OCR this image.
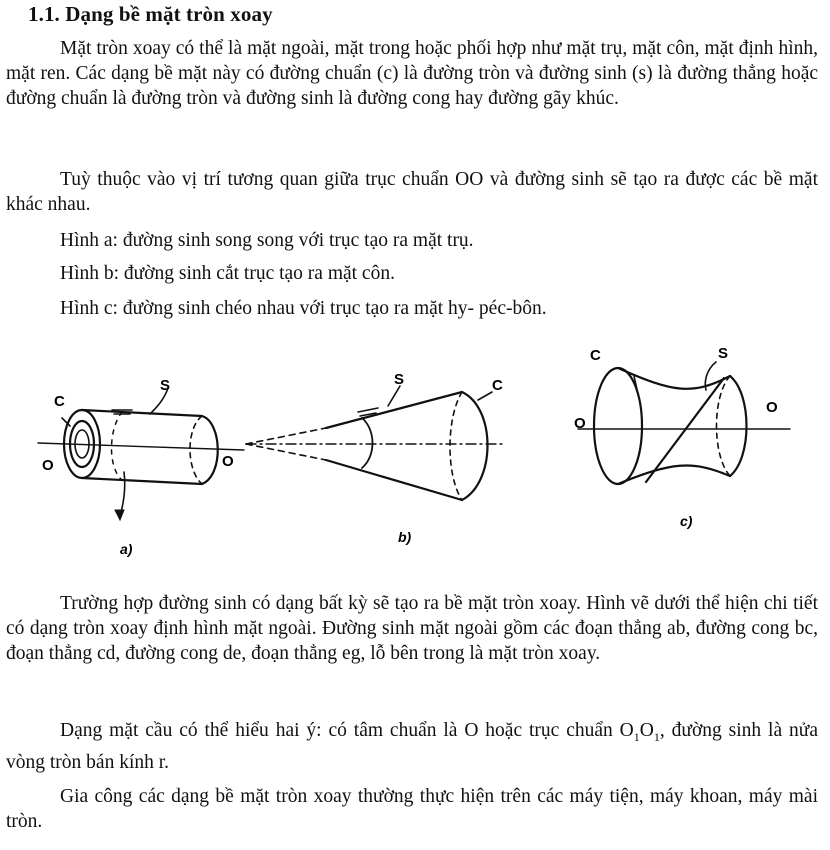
1.1. Dạng bề mặt tròn xoay

Mặt tròn xoay có thể là mặt ngoài, mặt trong hoặc phối hợp như mặt trụ, mặt côn, mặt định hình, mặt ren. Các dạng bề mặt này có đường chuẩn (c) là đường tròn và đường sinh (s) là đường thẳng hoặc đường chuẩn là đường tròn và đường sinh là đường cong hay đường gãy khúc.

Tuỳ thuộc vào vị trí tương quan giữa trục chuẩn OO và đường sinh sẽ tạo ra được các bề mặt khác nhau.

Hình a: đường sinh song song với trục tạo ra mặt trụ.
Hình b: đường sinh cắt trục tạo ra mặt côn.
Hình c: đường sinh chéo nhau với trục tạo ra mặt hy- péc-bôn.
C
S
O	O
a)
S	C
b)
C	S
O
O
c)

Trường hợp đường sinh có dạng bất kỳ sẽ tạo ra bề mặt tròn xoay. Hình vẽ dưới thể hiện chi tiết có dạng tròn xoay định hình mặt ngoài. Đường sinh mặt ngoài gồm các đoạn thẳng ab, đường cong bc, đoạn thẳng cd, đường cong de, đoạn thẳng eg, lỗ bên trong là mặt tròn xoay.

Dạng mặt cầu có thể hiểu hai ý: có tâm chuẩn là O hoặc trục chuẩn $O_1O_1$, đường sinh là nửa vòng tròn bán kính r.

Gia công các dạng bề mặt tròn xoay thường thực hiện trên các máy tiện, máy khoan, máy mài tròn.
